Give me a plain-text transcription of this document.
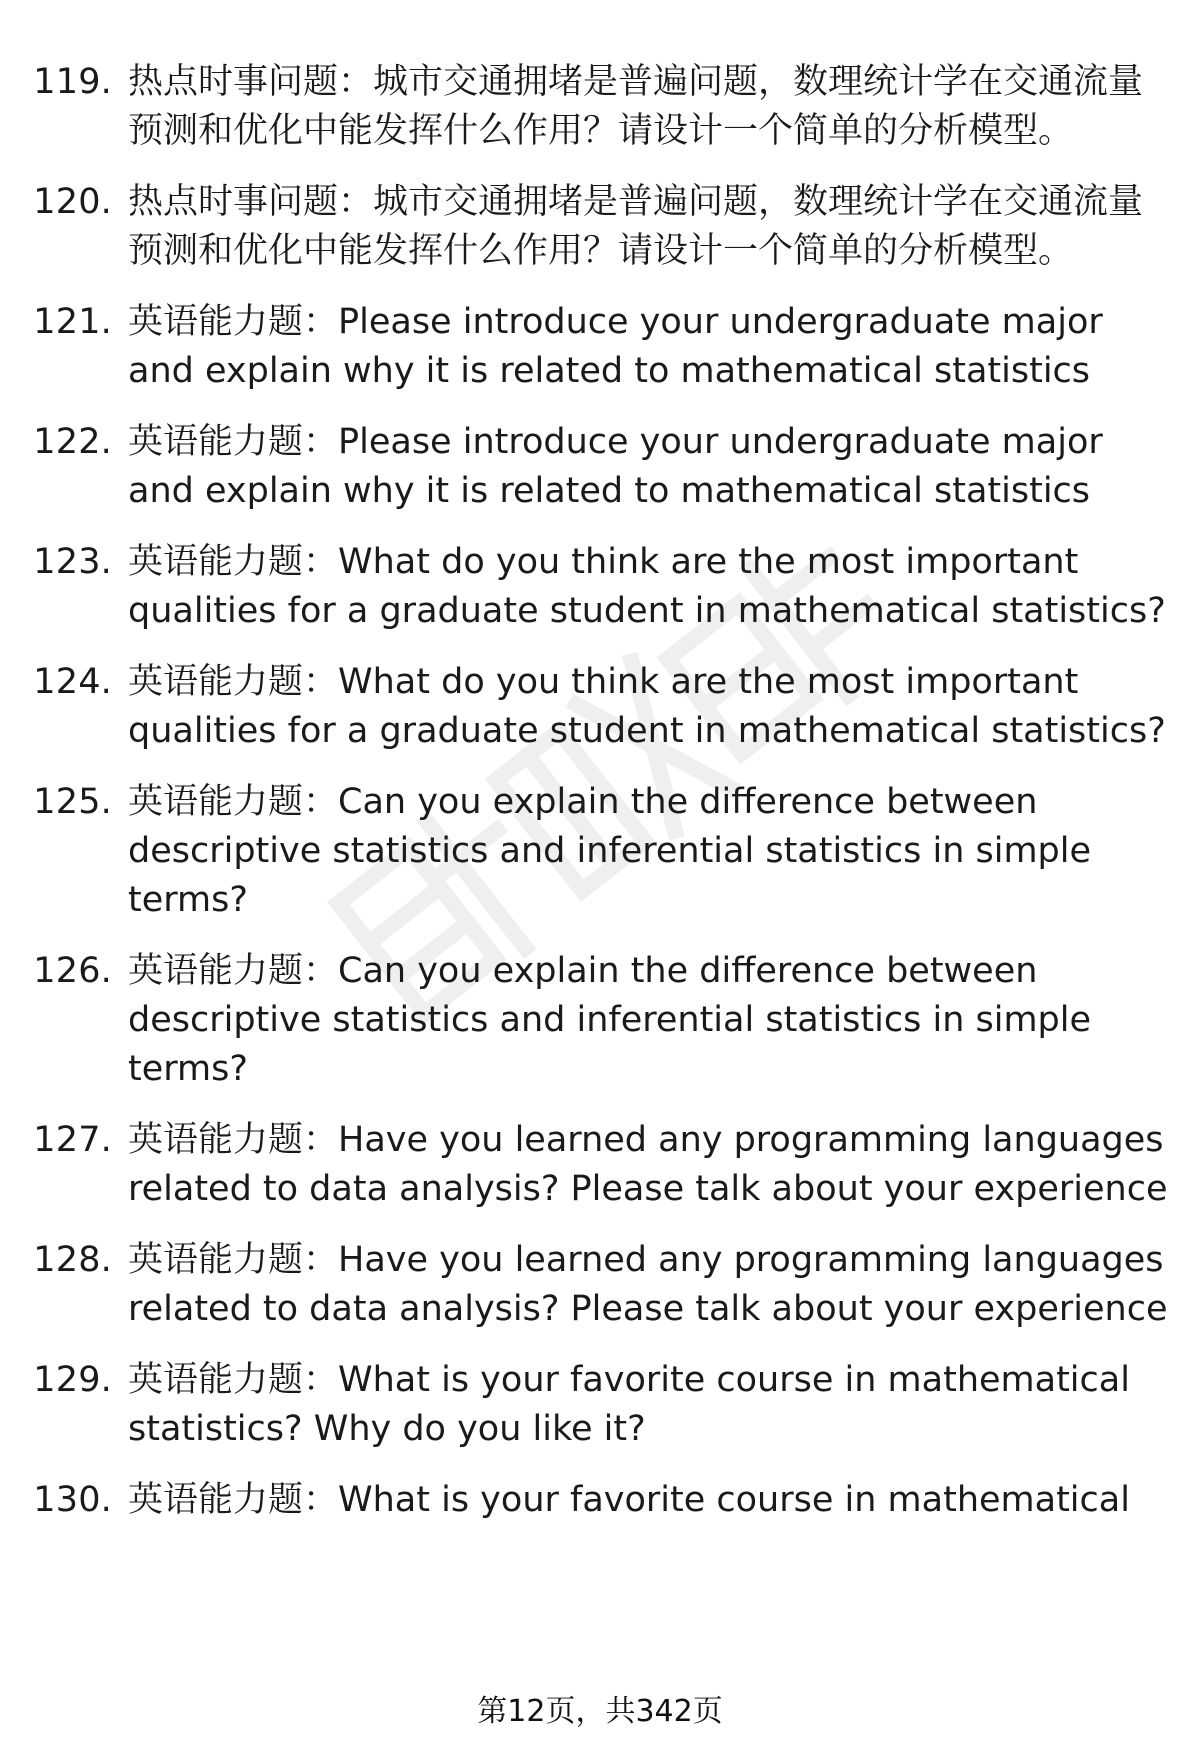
119. 热点时事问题：城市交通拥堵是普遍问题，数理统计学在交通流量预测和优化中能发挥什么作用？请设计一个简单的分析模型。
120. 热点时事问题：城市交通拥堵是普遍问题，数理统计学在交通流量预测和优化中能发挥什么作用？请设计一个简单的分析模型。
121. 英语能力题：Please introduce your undergraduate major and explain why it is related to mathematical statistics
122. 英语能力题：Please introduce your undergraduate major and explain why it is related to mathematical statistics
123. 英语能力题：What do you think are the most important qualities for a graduate student in mathematical statistics?
124. 英语能力题：What do you think are the most important qualities for a graduate student in mathematical statistics?
125. 英语能力题：Can you explain the difference between descriptive statistics and inferential statistics in simple terms?
126. 英语能力题：Can you explain the difference between descriptive statistics and inferential statistics in simple terms?
127. 英语能力题：Have you learned any programming languages related to data analysis? Please talk about your experience
128. 英语能力题：Have you learned any programming languages related to data analysis? Please talk about your experience
129. 英语能力题：What is your favorite course in mathematical statistics? Why do you like it?
130. 英语能力题：What is your favorite course in mathematical
第12页，共342页
